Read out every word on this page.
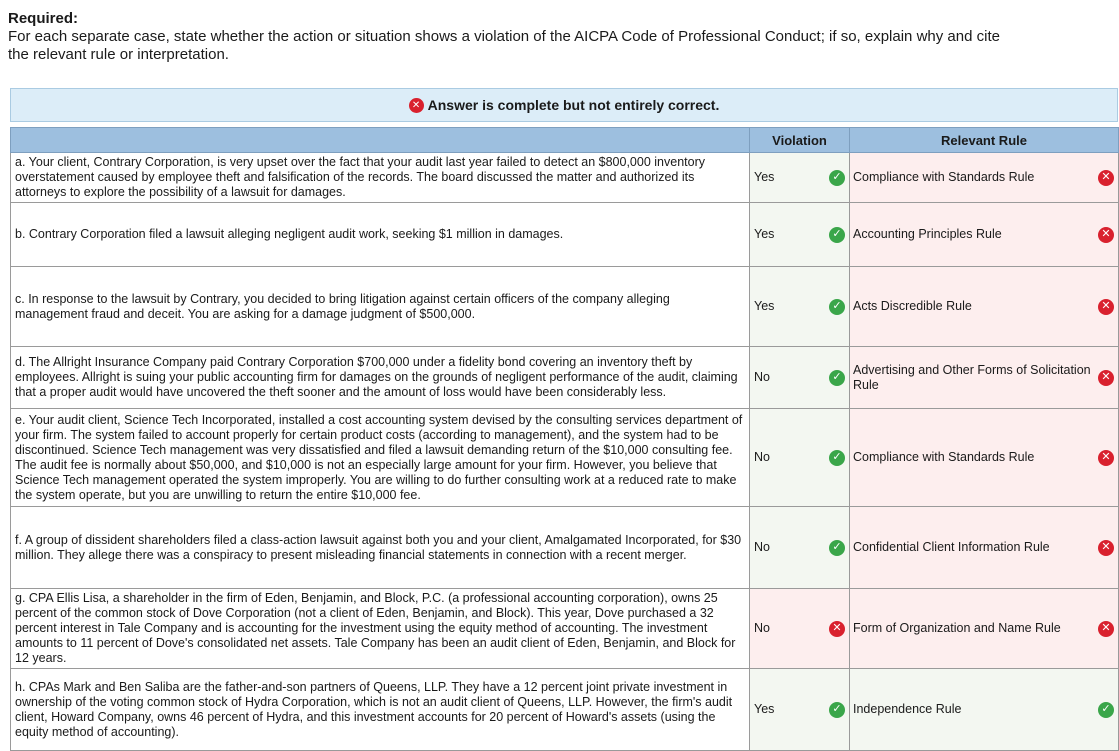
Required:
For each separate case, state whether the action or situation shows a violation of the AICPA Code of Professional Conduct; if so, explain why and cite the relevant rule or interpretation.
✕ Answer is complete but not entirely correct.
	Violation	Relevant Rule
a. Your client, Contrary Corporation, is very upset over the fact that your audit last year failed to detect an $800,000 inventory overstatement caused by employee theft and falsification of the records. The board discussed the matter and authorized its attorneys to explore the possibility of a lawsuit for damages.	Yes ✓	Compliance with Standards Rule ✕

b. Contrary Corporation filed a lawsuit alleging negligent audit work, seeking $1 million in damages.	Yes ✓	Accounting Principles Rule ✕

c. In response to the lawsuit by Contrary, you decided to bring litigation against certain officers of the company alleging management fraud and deceit. You are asking for a damage judgment of $500,000.	Yes ✓	Acts Discredible Rule ✕

d. The Allright Insurance Company paid Contrary Corporation $700,000 under a fidelity bond covering an inventory theft by employees. Allright is suing your public accounting firm for damages on the grounds of negligent performance of the audit, claiming that a proper audit would have uncovered the theft sooner and the amount of loss would have been considerably less.	No ✓	Advertising and Other Forms of Solicitation Rule
✕

e. Your audit client, Science Tech Incorporated, installed a cost accounting system devised by the consulting services department of your firm. The system failed to account properly for certain product costs (according to management), and the system had to be discontinued. Science Tech management was very dissatisfied and filed a lawsuit demanding return of the $10,000 consulting fee. The audit fee is normally about $50,000, and $10,000 is not an especially large amount for your firm. However, you believe that Science Tech management operated the system improperly. You are willing to do further consulting work at a reduced rate to make the system operate, but you are unwilling to return the entire $10,000 fee.	No ✓	Compliance with Standards Rule ✕

f. A group of dissident shareholders filed a class-action lawsuit against both you and your client, Amalgamated Incorporated, for $30 million. They allege there was a conspiracy to present misleading financial statements in connection with a recent merger.	No ✓	Confidential Client Information Rule ✕

g. CPA Ellis Lisa, a shareholder in the firm of Eden, Benjamin, and Block, P.C. (a professional accounting corporation), owns 25 percent of the common stock of Dove Corporation (not a client of Eden, Benjamin, and Block). This year, Dove purchased a 32 percent interest in Tale Company and is accounting for the investment using the equity method of accounting. The investment amounts to 11 percent of Dove's consolidated net assets. Tale Company has been an audit client of Eden, Benjamin, and Block for 12 years.	No ✕	Form of Organization and Name Rule ✕

h. CPAs Mark and Ben Saliba are the father-and-son partners of Queens, LLP. They have a 12 percent joint private investment in ownership of the voting common stock of Hydra Corporation, which is not an audit client of Queens, LLP. However, the firm's audit client, Howard Company, owns 46 percent of Hydra, and this investment accounts for 20 percent of Howard's assets (using the equity method of accounting).	Yes ✓	Independence Rule ✓
